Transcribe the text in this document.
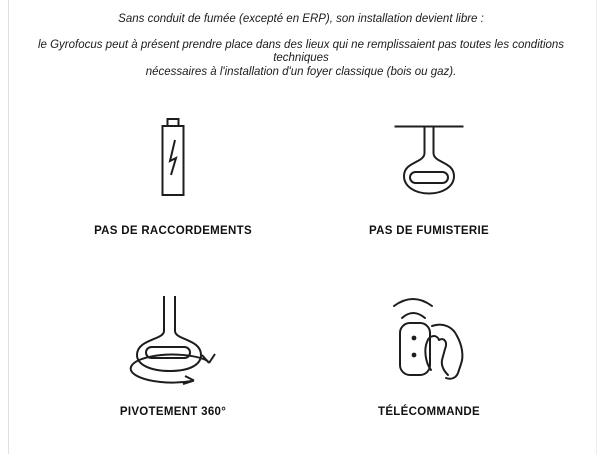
Sans conduit de fumée (excepté en ERP), son installation devient libre :

le Gyrofocus peut à présent prendre place dans des lieux qui ne remplissaient pas toutes les conditions techniques

nécessaires à l'installation d'un foyer classique (bois ou gaz).

PAS DE RACCORDEMENTS	PAS DE FUMISTERIE
PIVOTEMENT 360°	TÉLÉCOMMANDE
